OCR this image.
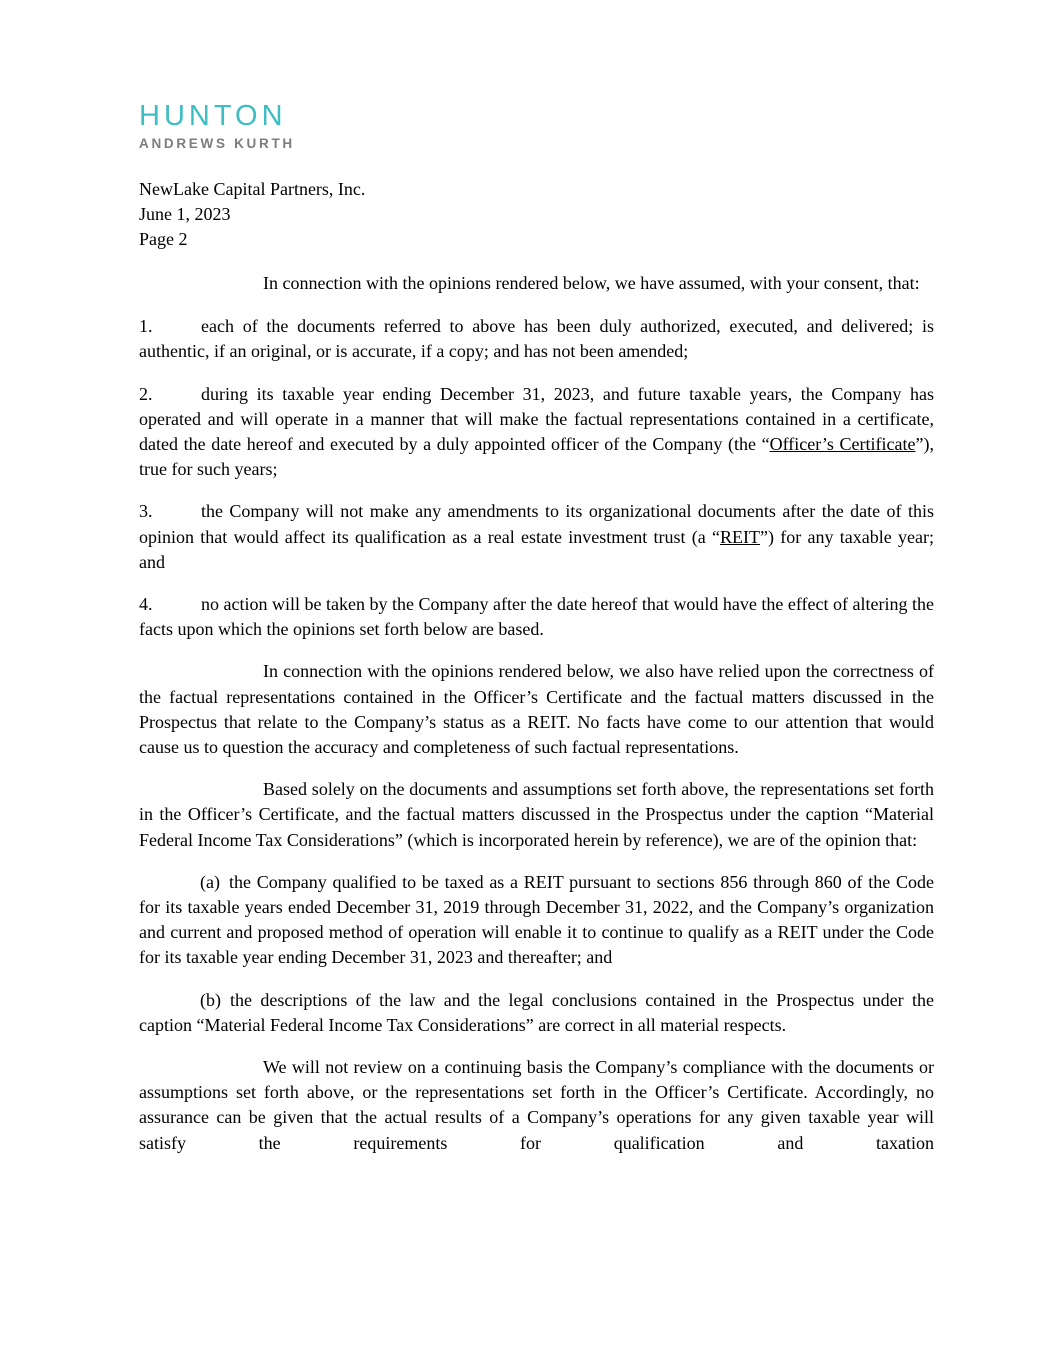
HUNTON
ANDREWS KURTH
NewLake Capital Partners, Inc.
June 1, 2023
Page 2

In connection with the opinions rendered below, we have assumed, with your consent, that:

1.	each of the documents referred to above has been duly authorized, executed, and delivered; is authentic, if an original, or is accurate, if a copy; and has not been amended;
2.	during its taxable year ending December 31, 2023, and future taxable years, the Company has operated and will operate in a manner that will make the factual representations contained in a certificate, dated the date hereof and executed by a duly appointed officer of the Company (the “Officer’s Certificate”), true for such years;
3.	the Company will not make any amendments to its organizational documents after the date of this opinion that would affect its qualification as a real estate investment trust (a “REIT”) for any taxable year; and
4.	no action will be taken by the Company after the date hereof that would have the effect of altering the facts upon which the opinions set forth below are based.

In connection with the opinions rendered below, we also have relied upon the correctness of the factual representations contained in the Officer’s Certificate and the factual matters discussed in the Prospectus that relate to the Company’s status as a REIT. No facts have come to our attention that would cause us to question the accuracy and completeness of such factual representations.

Based solely on the documents and assumptions set forth above, the representations set forth in the Officer’s Certificate, and the factual matters discussed in the Prospectus under the caption “Material Federal Income Tax Considerations” (which is incorporated herein by reference), we are of the opinion that:

(a) the Company qualified to be taxed as a REIT pursuant to sections 856 through 860 of the Code for its taxable years ended December 31, 2019 through December 31, 2022, and the Company’s organization and current and proposed method of operation will enable it to continue to qualify as a REIT under the Code for its taxable year ending December 31, 2023 and thereafter; and

(b) the descriptions of the law and the legal conclusions contained in the Prospectus under the caption “Material Federal Income Tax Considerations” are correct in all material respects.

We will not review on a continuing basis the Company’s compliance with the documents or assumptions set forth above, or the representations set forth in the Officer’s Certificate. Accordingly, no assurance can be given that the actual results of a Company’s operations for any given taxable year will satisfy the requirements for qualification and taxation
